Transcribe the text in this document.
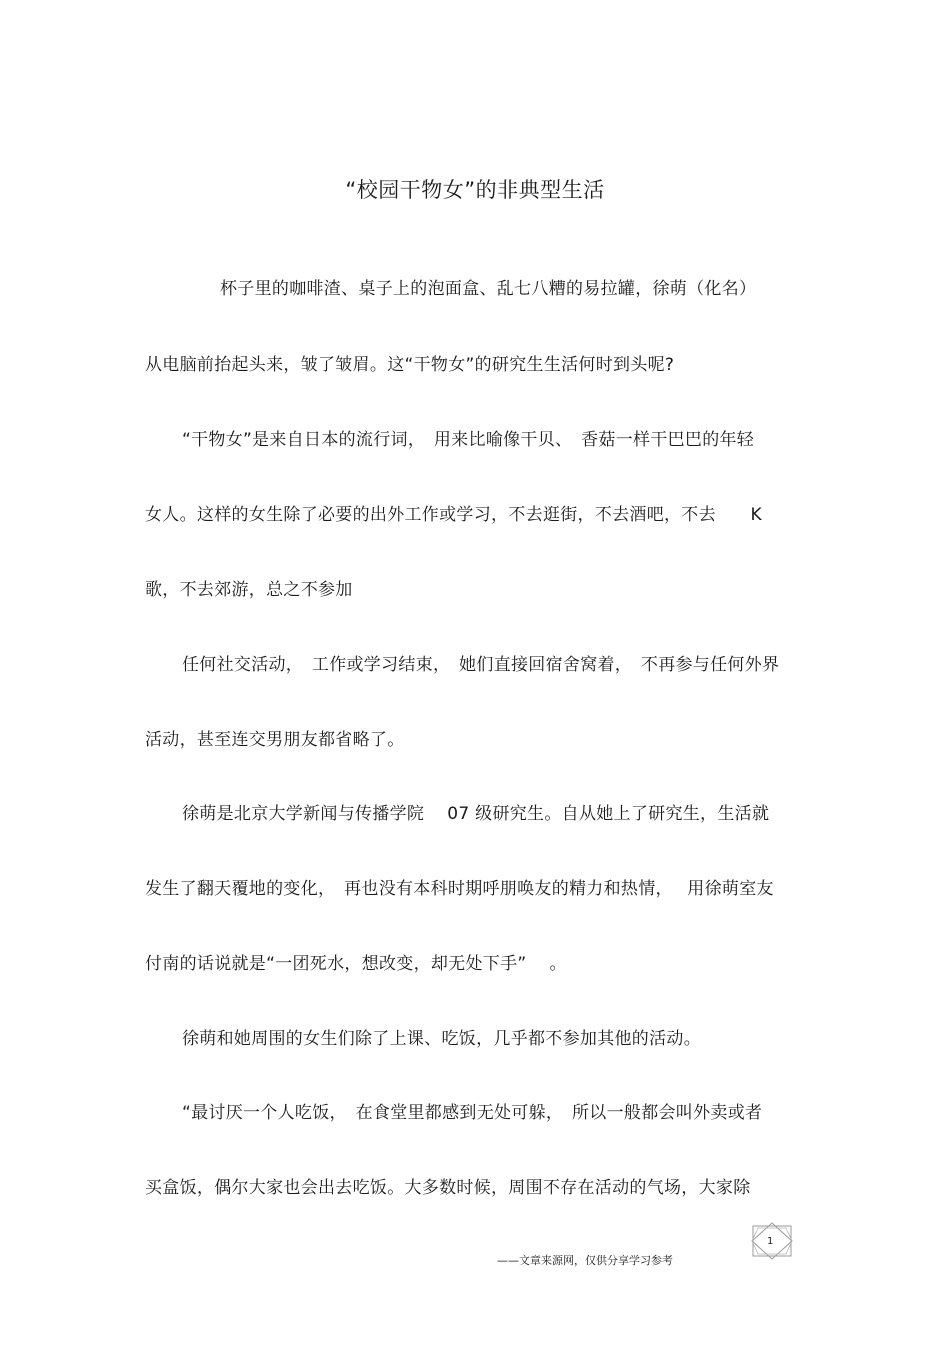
“校园干物女”的非典型生活
杯子里的咖啡渣、桌子上的泡面盒、乱七八糟的易拉罐，徐萌（化名）
从电脑前抬起头来，皱了皱眉。这“干物女”的研究生生活何时到头呢?
“干物女”是来自日本的流行词，　用来比喻像干贝、　香菇一样干巴巴的年轻
女人。这样的女生除了必要的出外工作或学习，不去逛街，不去酒吧，不去　　K
歌，不去郊游，总之不参加
任何社交活动，　工作或学习结束，　她们直接回宿舍窝着，　不再参与任何外界
活动，甚至连交男朋友都省略了。
徐萌是北京大学新闻与传播学院　 07 级研究生。自从她上了研究生，生活就
发生了翻天覆地的变化，　再也没有本科时期呼朋唤友的精力和热情，　 用徐萌室友
付南的话说就是“一团死水，想改变，却无处下手”　 。
徐萌和她周围的女生们除了上课、吃饭，几乎都不参加其他的活动。
“最讨厌一个人吃饭，　在食堂里都感到无处可躲，　所以一般都会叫外卖或者
买盒饭，偶尔大家也会出去吃饭。大多数时候，周围不存在活动的气场，大家除
1
——文章来源网，仅供分享学习参考
